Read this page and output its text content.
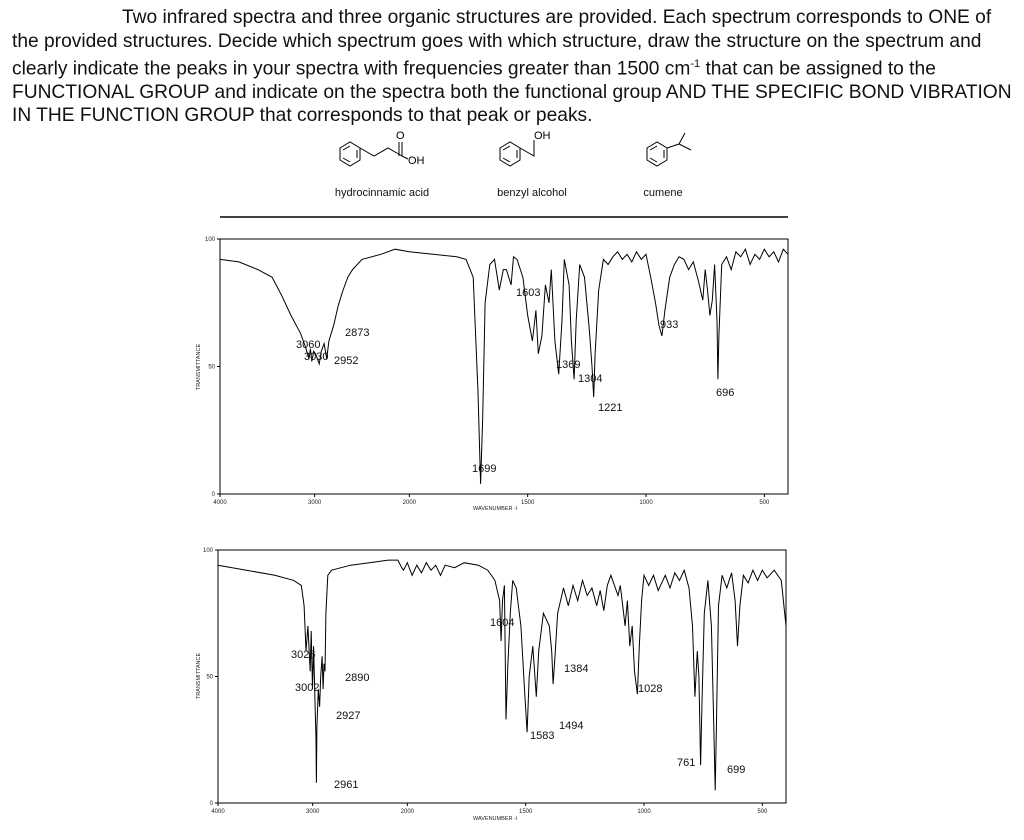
Two infrared spectra and three organic structures are provided. Each spectrum corresponds to ONE of the provided structures. Decide which spectrum goes with which structure, draw the structure on the spectrum and clearly indicate the peaks in your spectra with frequencies greater than 1500 $cm^{-1}$ that can be assigned to the FUNCTIONAL GROUP and indicate on the spectra both the functional group AND THE SPECIFIC BOND VIBRATION IN THE FUNCTION GROUP that corresponds to that peak or peaks.

O
OH
hydrocinnamic acid
OH
benzyl alcohol	cumene
TRANSMITTANCE
WAVENUMBER -l
4000	3000	2000	1500	1000	500
100
50
0
3060
3030 2952
2873
1699
1603
1369
1304
1221
933
696
TRANSMITTANCE
WAVENUMBER -l
4000	3000	2000	1500	1000	500
100
50
0
3026
3002
2961
2927
2890
1604
1583
1494
1384
1028
761
699
